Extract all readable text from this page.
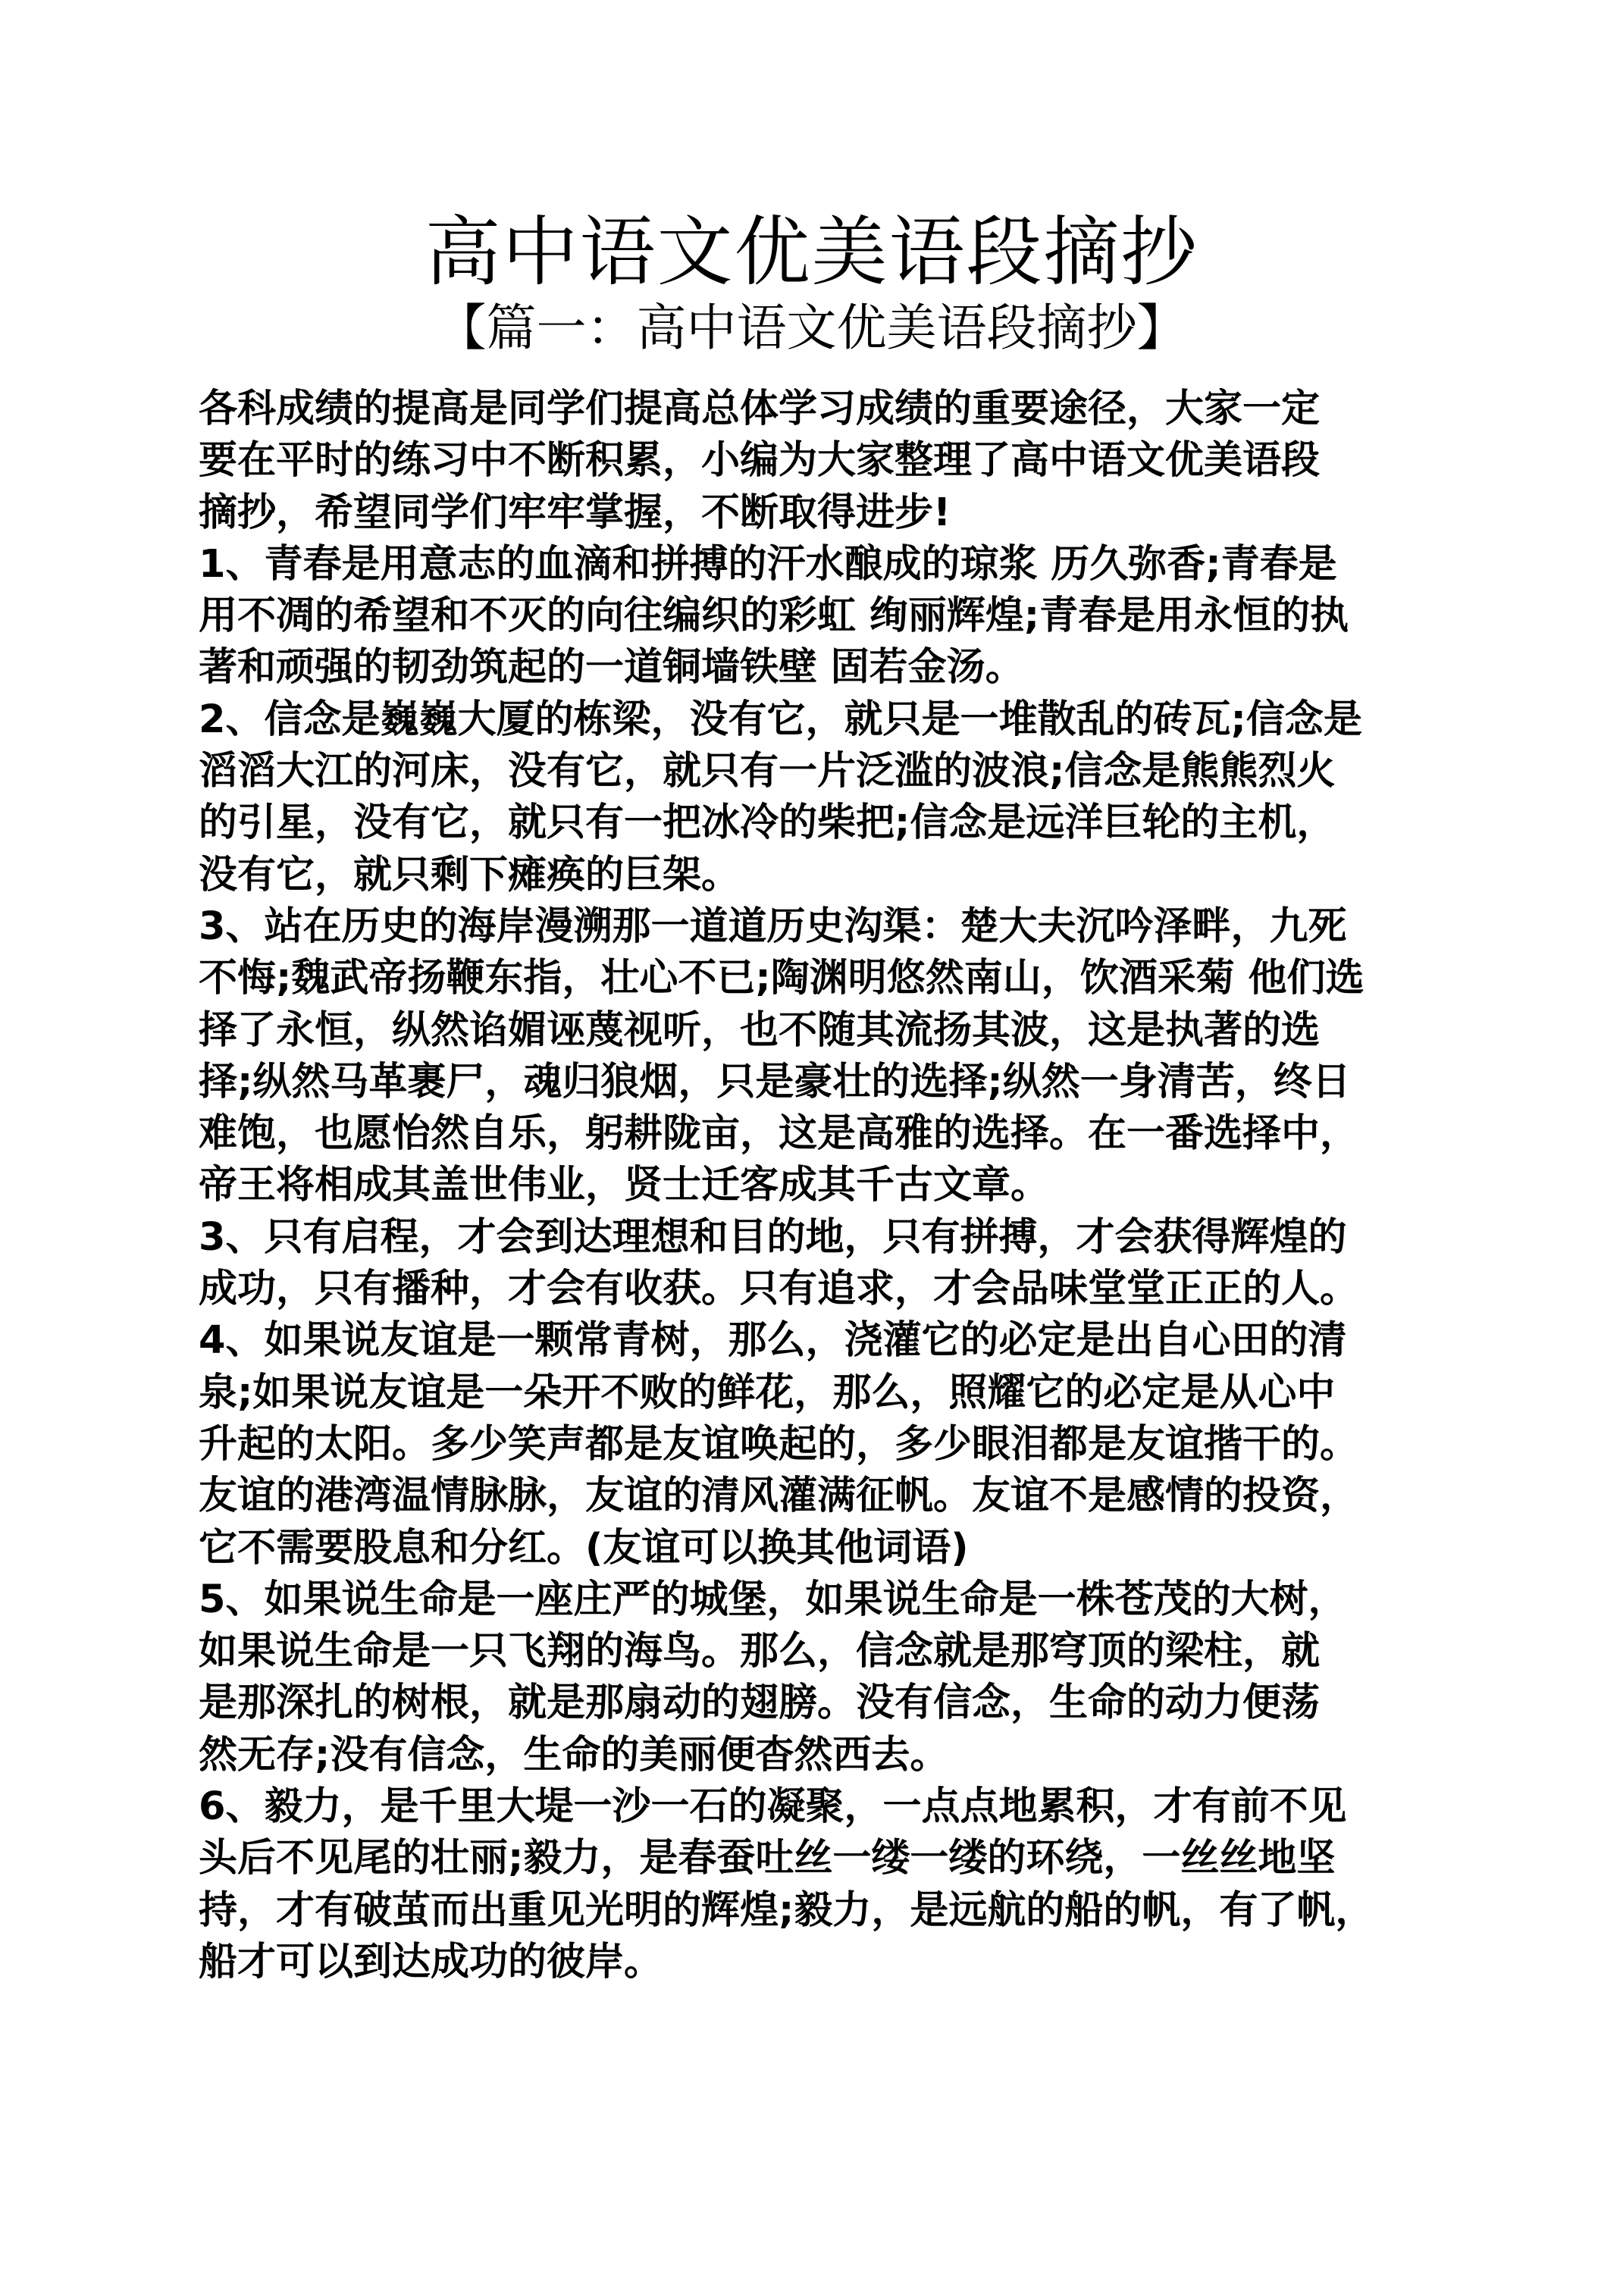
高中语文优美语段摘抄
【篇一：高中语文优美语段摘抄】
各科成绩的提高是同学们提高总体学习成绩的重要途径，大家一定
要在平时的练习中不断积累，小编为大家整理了高中语文优美语段
摘抄，希望同学们牢牢掌握，不断取得进步!
1、青春是用意志的血滴和拼搏的汗水酿成的琼浆 历久弥香;青春是
用不凋的希望和不灭的向往编织的彩虹 绚丽辉煌;青春是用永恒的执
著和顽强的韧劲筑起的一道铜墙铁壁 固若金汤。
2、信念是巍巍大厦的栋梁，没有它，就只是一堆散乱的砖瓦;信念是
滔滔大江的河床，没有它，就只有一片泛滥的波浪;信念是熊熊烈火
的引星，没有它，就只有一把冰冷的柴把;信念是远洋巨轮的主机，
没有它，就只剩下瘫痪的巨架。
3、站在历史的海岸漫溯那一道道历史沟渠：楚大夫沉吟泽畔，九死
不悔;魏武帝扬鞭东指，壮心不已;陶渊明悠然南山，饮酒采菊 他们选
择了永恒，纵然谄媚诬蔑视听，也不随其流扬其波，这是执著的选
择;纵然马革裹尸，魂归狼烟，只是豪壮的选择;纵然一身清苦，终日
难饱，也愿怡然自乐，躬耕陇亩，这是高雅的选择。在一番选择中，
帝王将相成其盖世伟业，贤士迁客成其千古文章。
3、只有启程，才会到达理想和目的地，只有拼搏，才会获得辉煌的
成功，只有播种，才会有收获。只有追求，才会品味堂堂正正的人。
4、如果说友谊是一颗常青树，那么，浇灌它的必定是出自心田的清
泉;如果说友谊是一朵开不败的鲜花，那么，照耀它的必定是从心中
升起的太阳。多少笑声都是友谊唤起的，多少眼泪都是友谊揩干的。
友谊的港湾温情脉脉，友谊的清风灌满征帆。友谊不是感情的投资，
它不需要股息和分红。(友谊可以换其他词语)
5、如果说生命是一座庄严的城堡，如果说生命是一株苍茂的大树，
如果说生命是一只飞翔的海鸟。那么，信念就是那穹顶的梁柱，就
是那深扎的树根，就是那扇动的翅膀。没有信念，生命的动力便荡
然无存;没有信念，生命的美丽便杳然西去。
6、毅力，是千里大堤一沙一石的凝聚，一点点地累积，才有前不见
头后不见尾的壮丽;毅力，是春蚕吐丝一缕一缕的环绕，一丝丝地坚
持，才有破茧而出重见光明的辉煌;毅力，是远航的船的帆，有了帆，
船才可以到达成功的彼岸。
